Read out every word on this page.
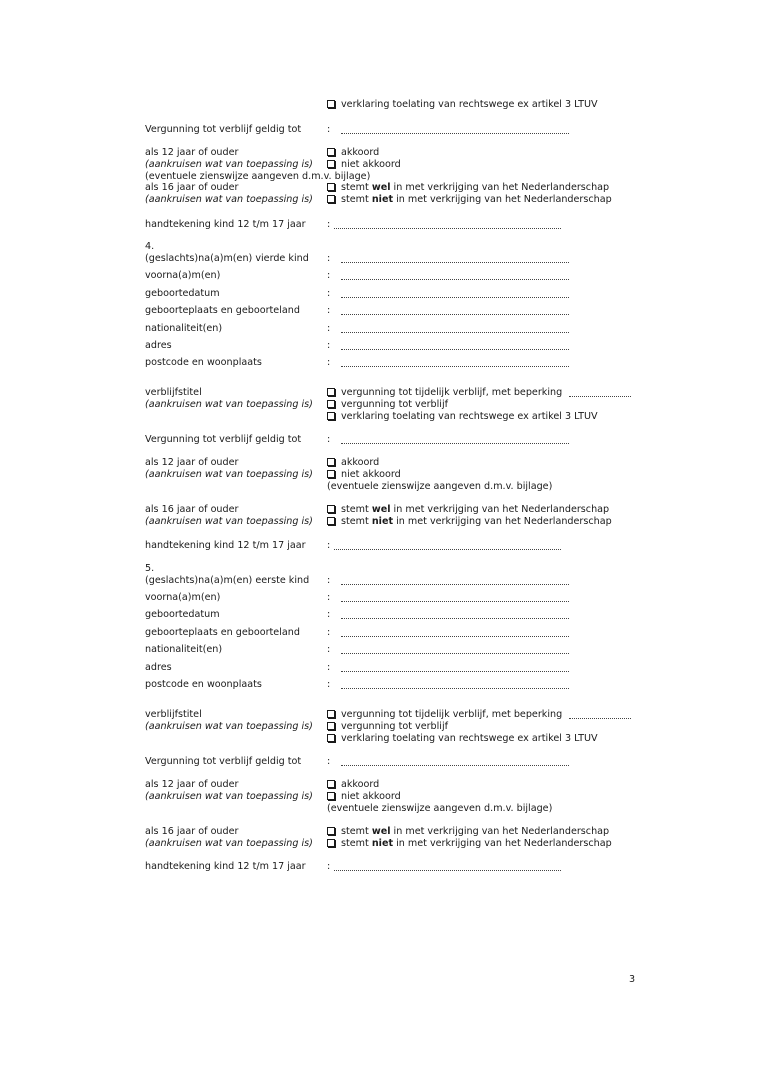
verklaring toelating van rechtswege ex artikel 3 LTUV
Vergunning tot verblijf geldig tot	:
als 12 jaar of ouder	akkoord
(aankruisen wat van toepassing is)	niet akkoord
(eventuele zienswijze aangeven d.m.v. bijlage)
als 16 jaar of ouder	stemt wel in met verkrijging van het Nederlanderschap
(aankruisen wat van toepassing is)	stemt niet in met verkrijging van het Nederlanderschap
handtekening kind 12 t/m 17 jaar :
4.
(geslachts)na(a)m(en) vierde kind :
voorna(a)m(en)	:
geboortedatum	:
geboorteplaats en geboorteland	:
nationaliteit(en)	:
adres	:
postcode en woonplaats	:
verblijfstitel	vergunning tot tijdelijk verblijf, met beperking
(aankruisen wat van toepassing is)	vergunning tot verblijf
verklaring toelating van rechtswege ex artikel 3 LTUV
Vergunning tot verblijf geldig tot	:
als 12 jaar of ouder	akkoord
(aankruisen wat van toepassing is)	niet akkoord
(eventuele zienswijze aangeven d.m.v. bijlage)
als 16 jaar of ouder	stemt wel in met verkrijging van het Nederlanderschap
(aankruisen wat van toepassing is)	stemt niet in met verkrijging van het Nederlanderschap
handtekening kind 12 t/m 17 jaar :
5.
(geslachts)na(a)m(en) eerste kind :
voorna(a)m(en)	:
geboortedatum	:
geboorteplaats en geboorteland	:
nationaliteit(en)	:
adres	:
postcode en woonplaats	:
verblijfstitel	vergunning tot tijdelijk verblijf, met beperking
(aankruisen wat van toepassing is)	vergunning tot verblijf
verklaring toelating van rechtswege ex artikel 3 LTUV
Vergunning tot verblijf geldig tot	:
als 12 jaar of ouder	akkoord
(aankruisen wat van toepassing is)	niet akkoord
(eventuele zienswijze aangeven d.m.v. bijlage)
als 16 jaar of ouder	stemt wel in met verkrijging van het Nederlanderschap
(aankruisen wat van toepassing is)	stemt niet in met verkrijging van het Nederlanderschap
handtekening kind 12 t/m 17 jaar :
3
